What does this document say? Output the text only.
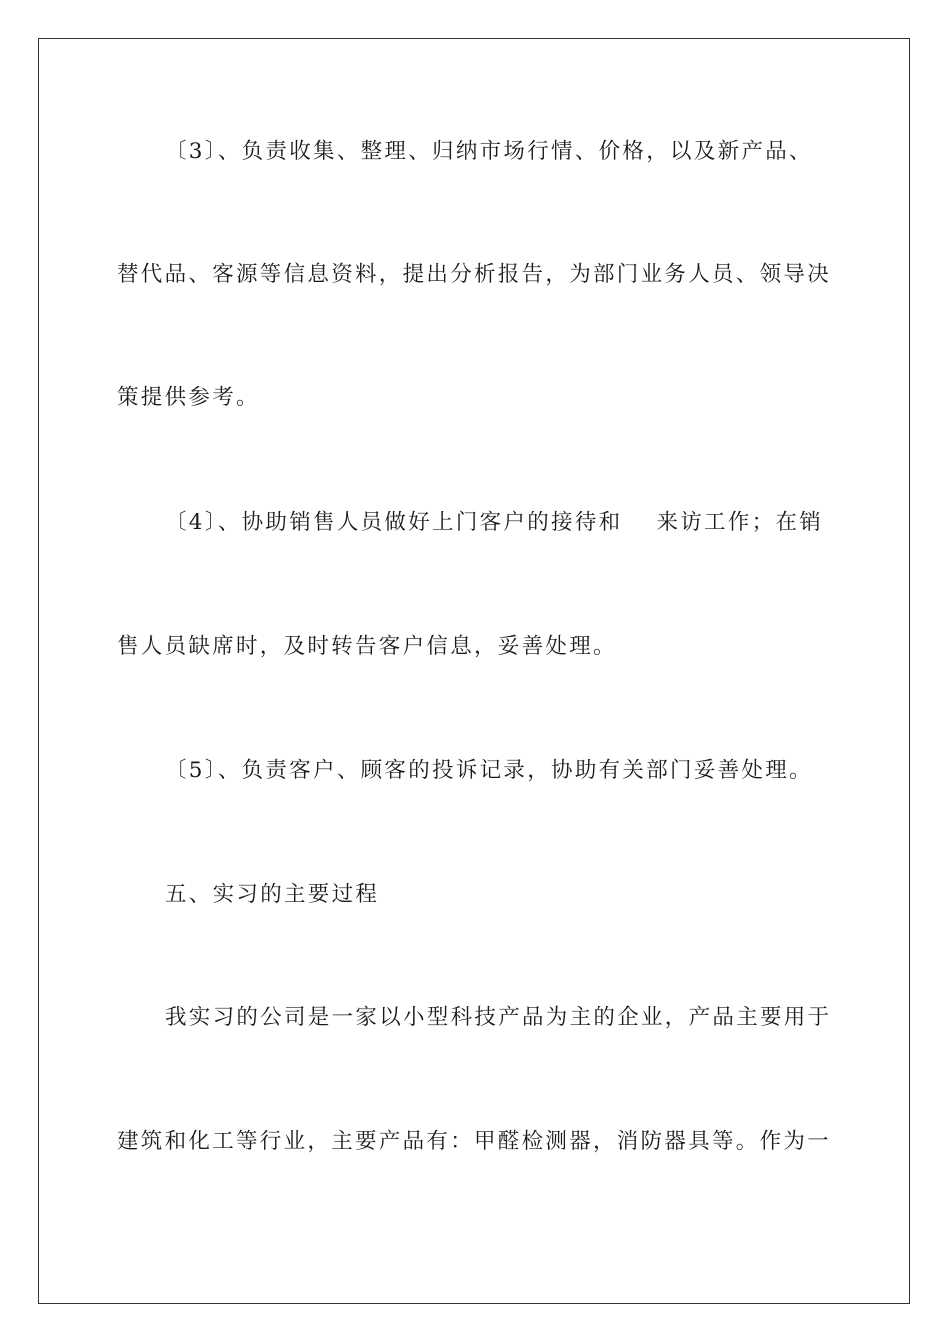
〔3〕、负责收集、整理、归纳市场行情、价格，以及新产品、
替代品、客源等信息资料，提出分析报告，为部门业务人员、领导决
策提供参考。
〔4〕、协助销售人员做好上门客户的接待和 来访工作；在销
售人员缺席时，及时转告客户信息，妥善处理。
〔5〕、负责客户、顾客的投诉记录，协助有关部门妥善处理。
五、实习的主要过程
我实习的公司是一家以小型科技产品为主的企业，产品主要用于
建筑和化工等行业，主要产品有：甲醛检测器，消防器具等。作为一
